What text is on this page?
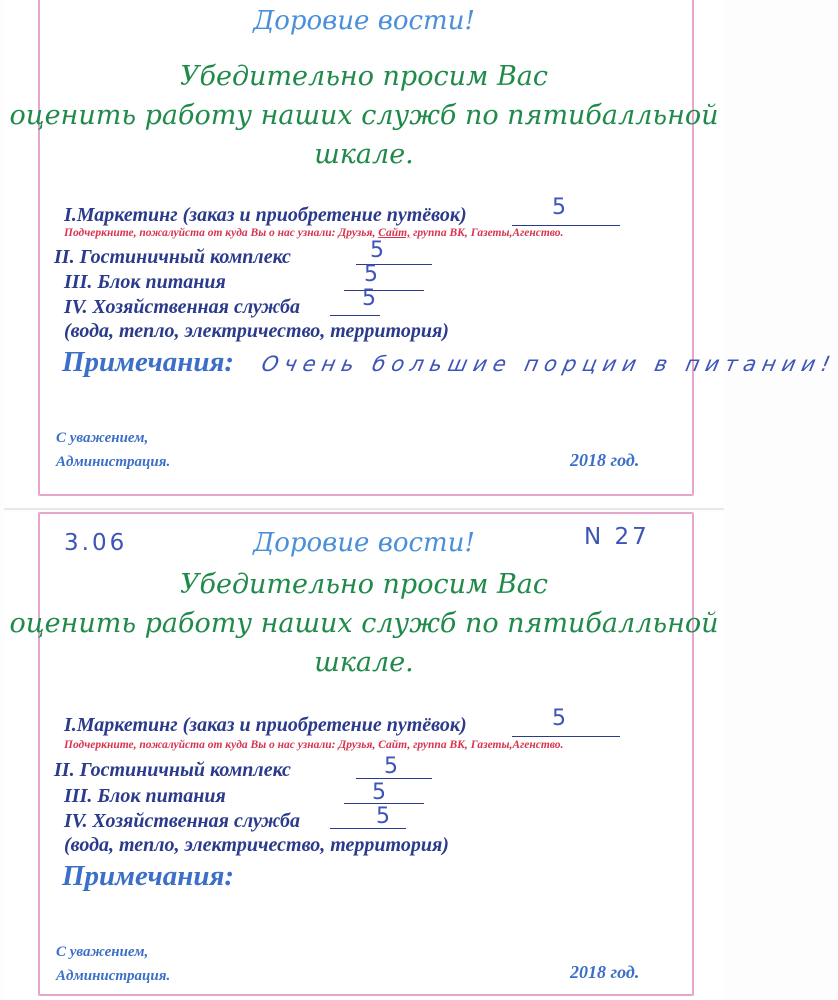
Доровие вости!
Убедительно просим Вас
оценить работу наших служб по пятибалльной
шкале.
I.Маркетинг (заказ и приобретение путёвок)	5
Подчеркните, пожалуйста от куда Вы о нас узнали: Друзья, Сайт, группа ВК, Газеты,Агенство.
II. Гостиничный комплекс	5
III. Блок питания	5
IV. Хозяйственная служба	5
(вода, тепло, электричество, территория)
Примечания: Очень большие порции в питании!
С уважением,
Администрация.	2018 год.
3.06	N 27
Доровие вости!
Убедительно просим Вас
оценить работу наших служб по пятибалльной
шкале.
I.Маркетинг (заказ и приобретение путёвок)	5
Подчеркните, пожалуйста от куда Вы о нас узнали: Друзья, Сайт, группа ВК, Газеты,Агенство.
II. Гостиничный комплекс	5
III. Блок питания	5
IV. Хозяйственная служба	5
(вода, тепло, электричество, территория)
Примечания:
С уважением,
Администрация.	2018 год.
